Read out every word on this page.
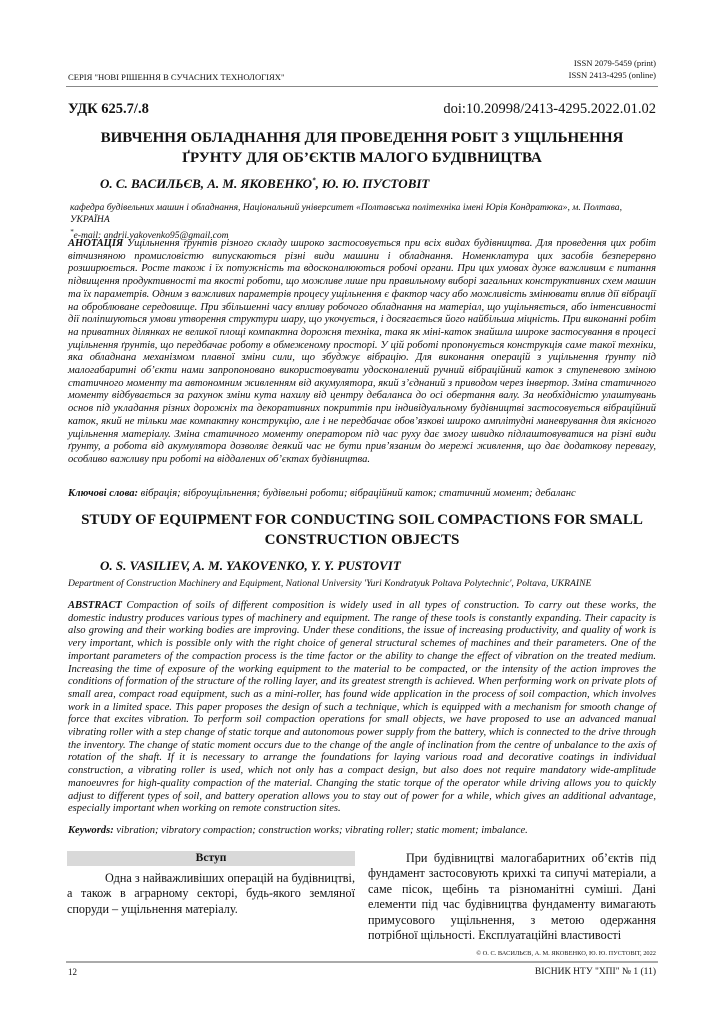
СЕРІЯ "НОВІ РІШЕННЯ В СУЧАСНИХ ТЕХНОЛОГІЯХ"
ISSN 2079-5459 (print)
ISSN 2413-4295 (online)
УДК 625.7/.8	doi:10.20998/2413-4295.2022.01.02
ВИВЧЕННЯ ОБЛАДНАННЯ ДЛЯ ПРОВЕДЕННЯ РОБІТ З УЩІЛЬНЕННЯ ҐРУНТУ ДЛЯ ОБ’ЄКТІВ МАЛОГО БУДІВНИЦТВА
О. С. ВАСИЛЬЄВ, А. М. ЯКОВЕНКО*, Ю. Ю. ПУСТОВІТ
кафедра будівельних машин і обладнання, Національний університет «Полтавська політехніка імені Юрія Кондратюка», м. Полтава, УКРАЇНА
*e-mail: andrii.yakovenko95@gmail.com
АНОТАЦІЯ Ущільнення ґрунтів різного складу широко застосовується при всіх видах будівництва. Для проведення цих робіт вітчизняною промисловістю випускаються різні види машини і обладнання. Номенклатура цих засобів безперервно розширюється. Росте також і їх потужність та вдосконалюються робочі органи. При цих умовах дуже важливим є питання підвищення продуктивності та якості роботи, що можливе лише при правильному виборі загальних конструктивних схем машин та їх параметрів. Одним з важливих параметрів процесу ущільнення є фактор часу або можливість змінювати вплив дії вібрації на оброблюване середовище. При збільшенні часу впливу робочого обладнання на матеріал, що ущільняється, або інтенсивності дії поліпшуються умови утворення структури шару, що укочується, і досягається його найбільша міцність. При виконанні робіт на приватних ділянках не великої площі компактна дорожня техніка, така як міні-каток знайшла широке застосування в процесі ущільнення ґрунтів, що передбачає роботу в обмеженому просторі. У цій роботі пропонується конструкція саме такої техніки, яка обладнана механізмом плавної зміни сили, що збуджує вібрацію. Для виконання операцій з ущільнення ґрунту під малогабаритні об’єкти нами запропоновано використовувати удосконалений ручний вібраційний каток з ступеневою зміною статичного моменту та автономним живленням від акумулятора, який з’єднаний з приводом через інвертор. Зміна статичного моменту відбувається за рахунок зміни кута нахилу від центру дебаланса до осі обертання валу. За необхідністю улаштувань основ під укладання різних дорожніх та декоративних покриттів при індивідуальному будівництві застосовується вібраційний каток, який не тільки має компактну конструкцію, але і не передбачає обов’язкові широко амплітудні маневрування для якісного ущільнення матеріалу. Зміна статичного моменту оператором під час руху дає змогу швидко підлаштовуватися на різні види ґрунту, а робота від акумулятора дозволяє деякий час не бути прив’язаним до мережі живлення, що дає додаткову перевагу, особливо важливу при роботі на віддалених об’єктах будівництва.
Ключові слова: вібрація; віброущільнення; будівельні роботи; вібраційний каток; статичний момент; дебаланс
STUDY OF EQUIPMENT FOR CONDUCTING SOIL COMPACTIONS FOR SMALL CONSTRUCTION OBJECTS
O. S. VASILIEV, A. M. YAKOVENKO, Y. Y. PUSTOVIT
Department of Construction Machinery and Equipment, National University 'Yuri Kondratyuk Poltava Polytechnic', Poltava, UKRAINE
ABSTRACT Compaction of soils of different composition is widely used in all types of construction. To carry out these works, the domestic industry produces various types of machinery and equipment. The range of these tools is constantly expanding. Their capacity is also growing and their working bodies are improving. Under these conditions, the issue of increasing productivity, and quality of work is very important, which is possible only with the right choice of general structural schemes of machines and their parameters. One of the important parameters of the compaction process is the time factor or the ability to change the effect of vibration on the treated medium. Increasing the time of exposure of the working equipment to the material to be compacted, or the intensity of the action improves the conditions of formation of the structure of the rolling layer, and its greatest strength is achieved. When performing work on private plots of small area, compact road equipment, such as a mini-roller, has found wide application in the process of soil compaction, which involves work in a limited space. This paper proposes the design of such a technique, which is equipped with a mechanism for smooth change of force that excites vibration. To perform soil compaction operations for small objects, we have proposed to use an advanced manual vibrating roller with a step change of static torque and autonomous power supply from the battery, which is connected to the drive through the inventory. The change of static moment occurs due to the change of the angle of inclination from the centre of unbalance to the axis of rotation of the shaft. If it is necessary to arrange the foundations for laying various road and decorative coatings in individual construction, a vibrating roller is used, which not only has a compact design, but also does not require mandatory wide-amplitude manoeuvres for high-quality compaction of the material. Changing the static torque of the operator while driving allows you to quickly adjust to different types of soil, and battery operation allows you to stay out of power for a while, which gives an additional advantage, especially important when working on remote construction sites.
Keywords: vibration; vibratory compaction; construction works; vibrating roller; static moment; imbalance.
Вступ

Одна з найважливіших операцій на будівництві, а також в аграрному секторі, будь-якого земляної споруди – ущільнення матеріалу.

При будівництві малогабаритних об’єктів під фундамент застосовують крихкі та сипучі матеріали, а саме пісок, щебінь та різноманітні суміші. Дані елементи під час будівництва фундаменту вимагають примусового ущільнення, з метою одержання потрібної щільності. Експлуатаційні властивості

© О. С. ВАСИЛЬЄВ, А. М. ЯКОВЕНКО, Ю. Ю. ПУСТОВІТ, 2022
12	ВІСНИК НТУ "ХПІ" № 1 (11)
